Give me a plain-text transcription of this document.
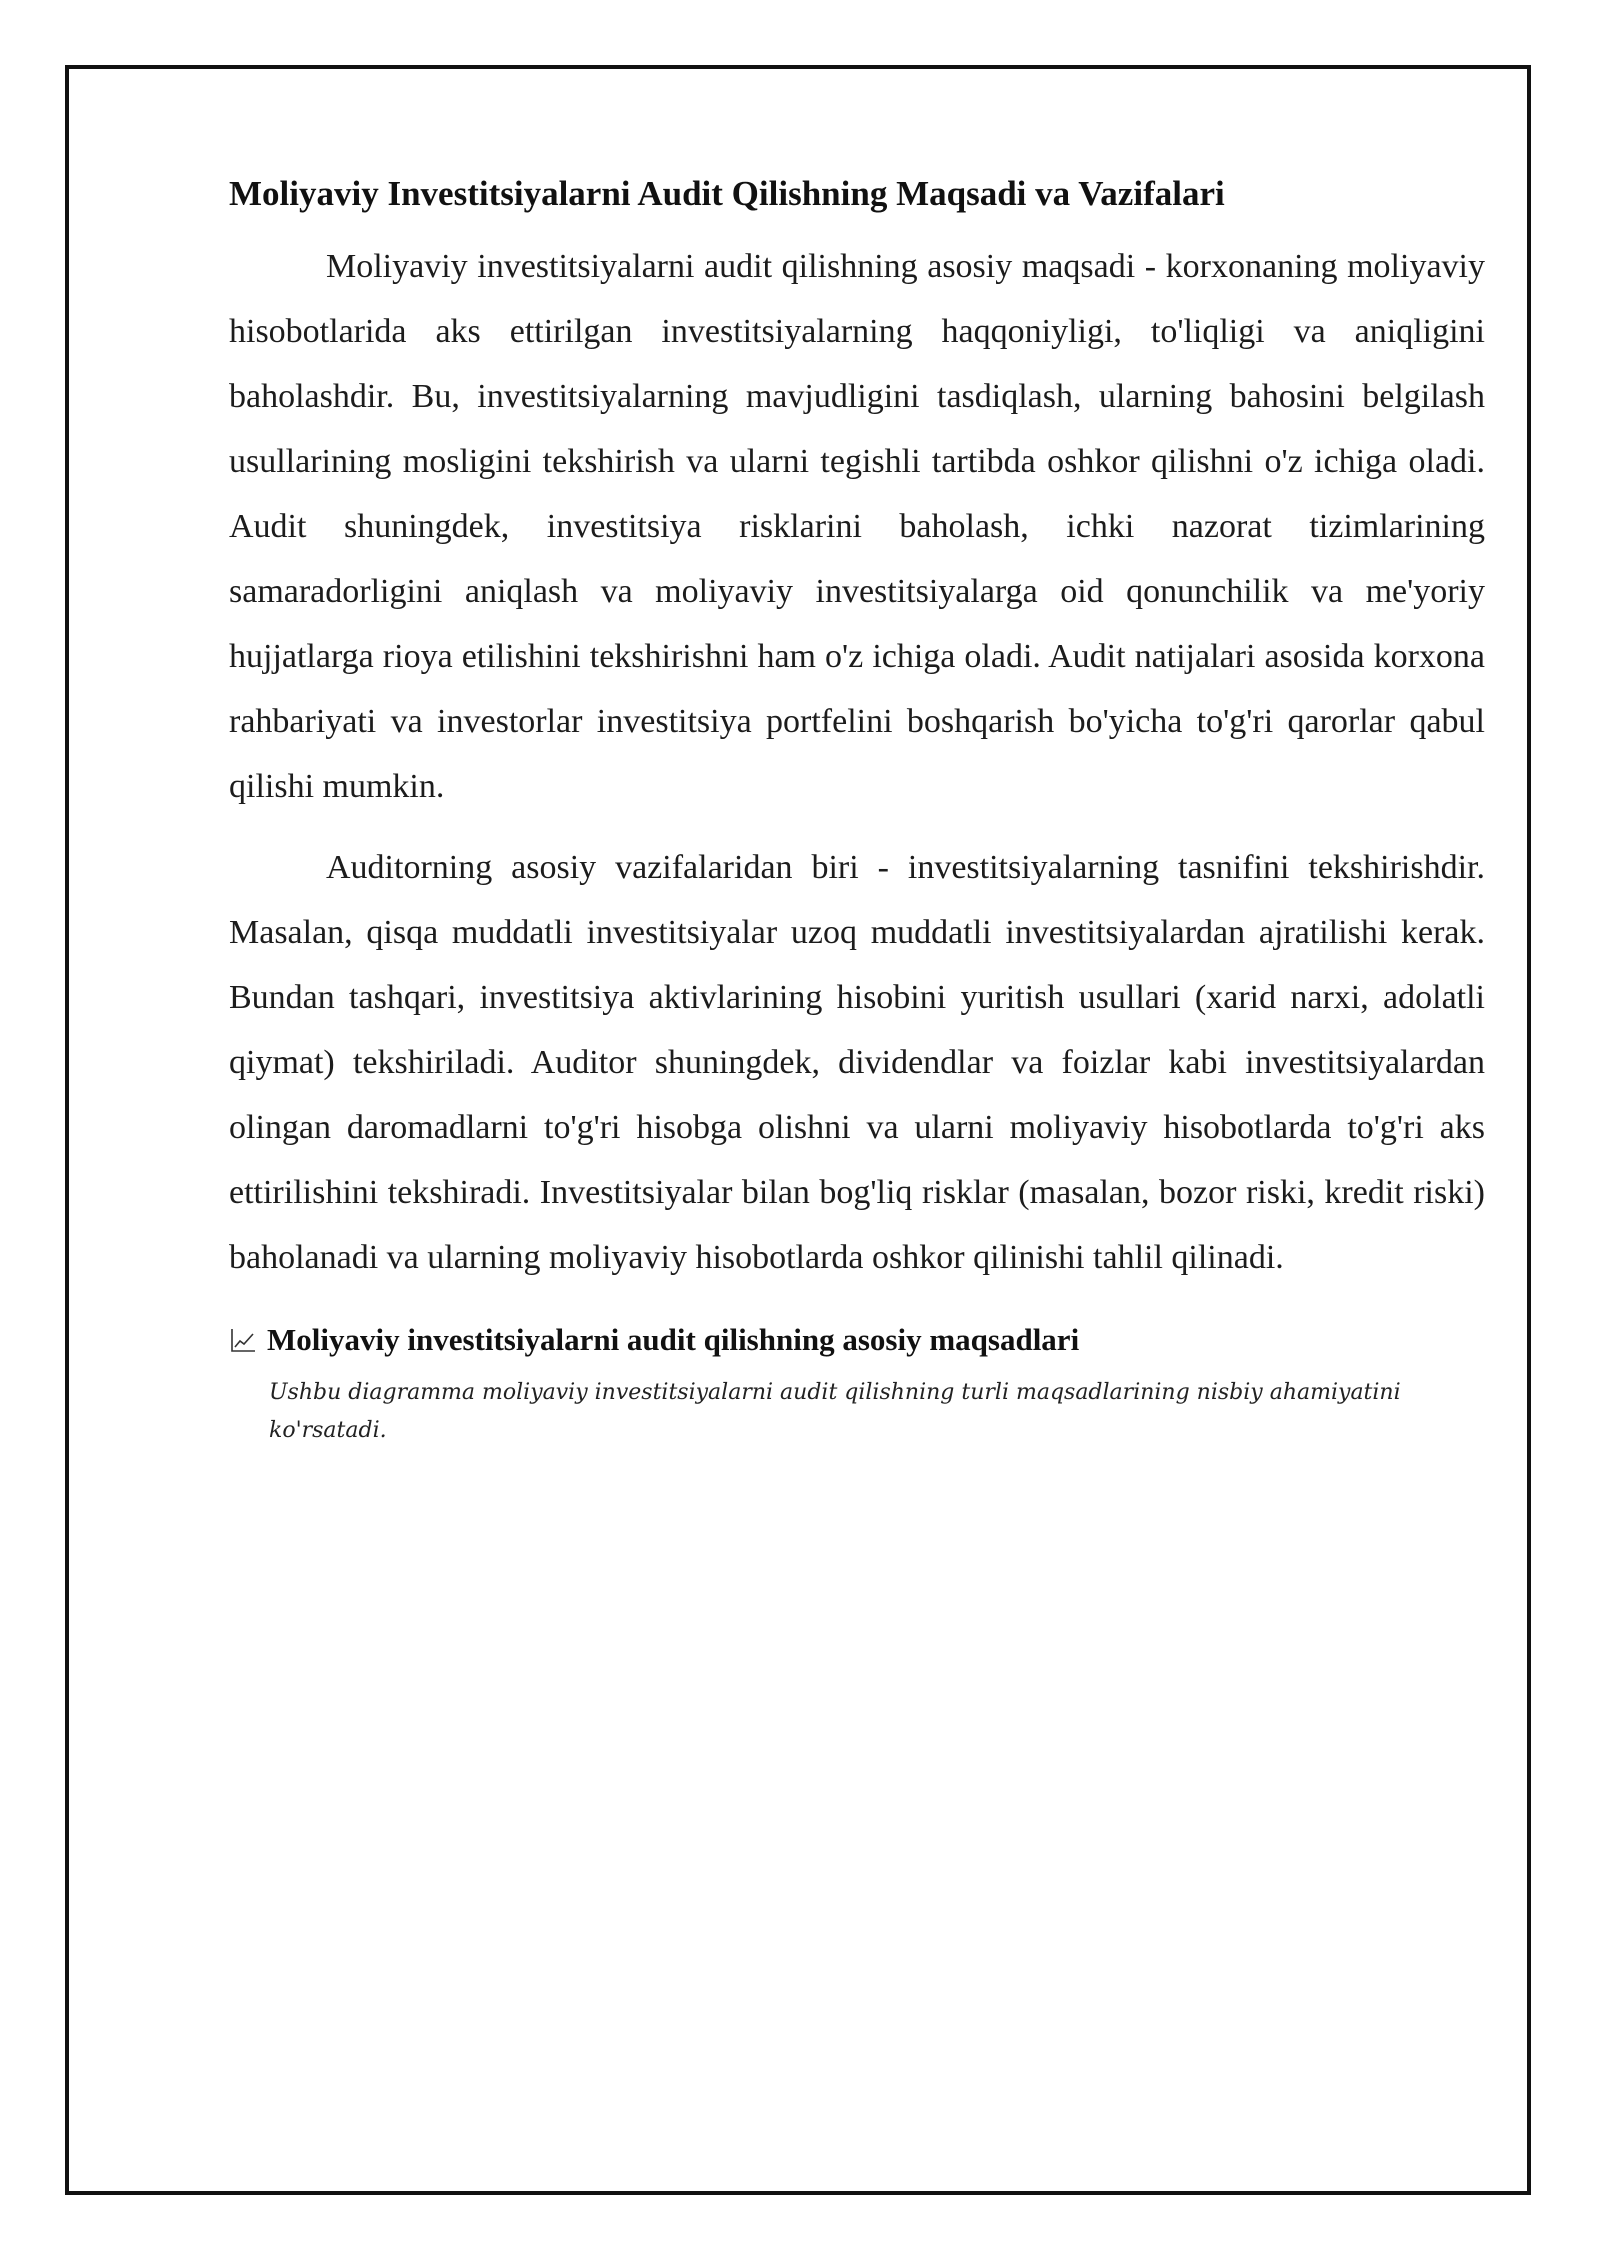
Moliyaviy Investitsiyalarni Audit Qilishning Maqsadi va Vazifalari

Moliyaviy investitsiyalarni audit qilishning asosiy maqsadi - korxonaning moliyaviy hisobotlarida aks ettirilgan investitsiyalarning haqqoniyligi, to'liqligi va aniqligini baholashdir. Bu, investitsiyalarning mavjudligini tasdiqlash, ularning bahosini belgilash usullarining mosligini tekshirish va ularni tegishli tartibda oshkor qilishni o'z ichiga oladi. Audit shuningdek, investitsiya risklarini baholash, ichki nazorat tizimlarining samaradorligini aniqlash va moliyaviy investitsiyalarga oid qonunchilik va me'yoriy hujjatlarga rioya etilishini tekshirishni ham o'z ichiga oladi. Audit natijalari asosida korxona rahbariyati va investorlar investitsiya portfelini boshqarish bo'yicha to'g'ri qarorlar qabul qilishi mumkin.

Auditorning asosiy vazifalaridan biri - investitsiyalarning tasnifini tekshirishdir. Masalan, qisqa muddatli investitsiyalar uzoq muddatli investitsiyalardan ajratilishi kerak. Bundan tashqari, investitsiya aktivlarining hisobini yuritish usullari (xarid narxi, adolatli qiymat) tekshiriladi. Auditor shuningdek, dividendlar va foizlar kabi investitsiyalardan olingan daromadlarni to'g'ri hisobga olishni va ularni moliyaviy hisobotlarda to'g'ri aks ettirilishini tekshiradi. Investitsiyalar bilan bog'liq risklar (masalan, bozor riski, kredit riski) baholanadi va ularning moliyaviy hisobotlarda oshkor qilinishi tahlil qilinadi.

Moliyaviy investitsiyalarni audit qilishning asosiy maqsadlari
Ushbu diagramma moliyaviy investitsiyalarni audit qilishning turli maqsadlarining nisbiy ahamiyatini ko'rsatadi.
